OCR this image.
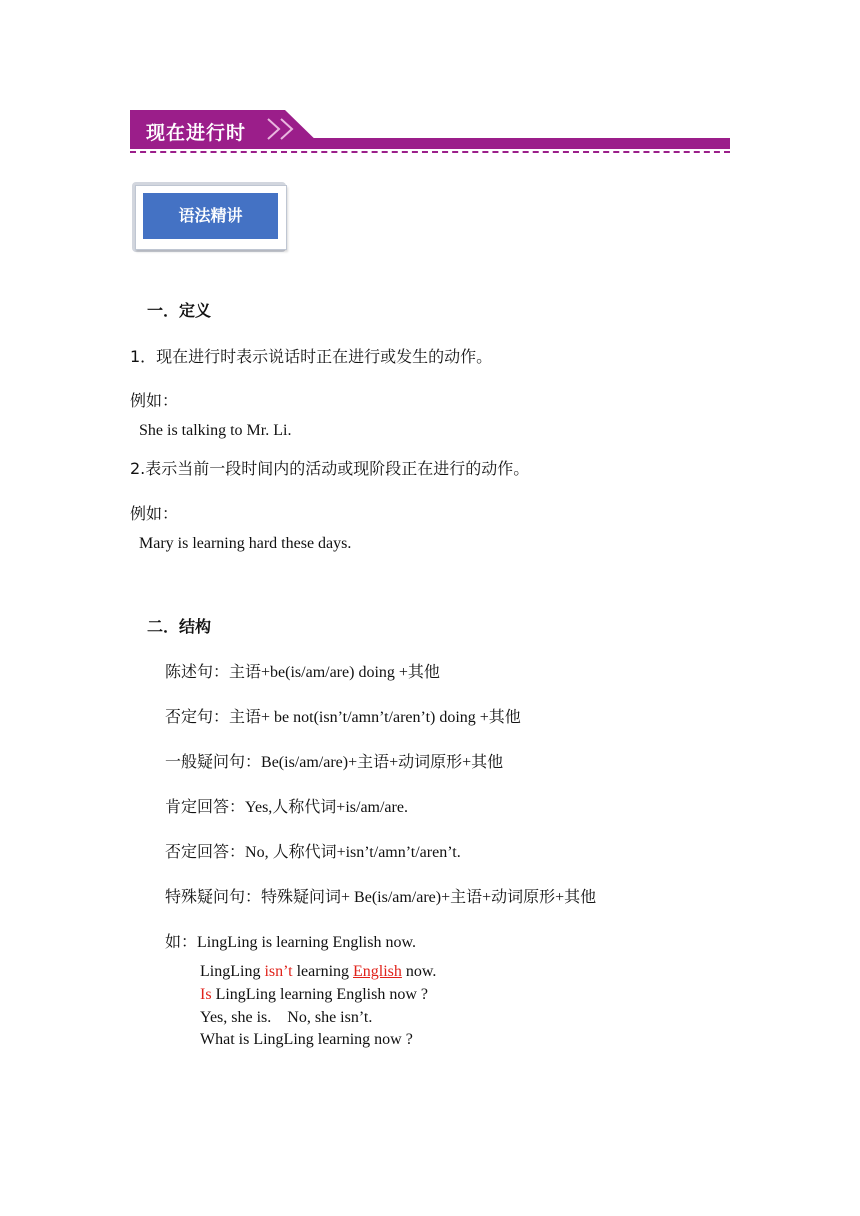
现在进行时
语法精讲
一．定义
1．现在进行时表示说话时正在进行或发生的动作。
例如：
She is talking to Mr. Li.
2.表示当前一段时间内的活动或现阶段正在进行的动作。
例如：
Mary is learning hard these days.
二．结构
陈述句：主语+be(is/am/are) doing +其他
否定句：主语+ be not(isn’t/amn’t/aren’t) doing +其他
一般疑问句：Be(is/am/are)+主语+动词原形+其他
肯定回答：Yes,人称代词+is/am/are.
否定回答：No, 人称代词+isn’t/amn’t/aren’t.
特殊疑问句：特殊疑问词+ Be(is/am/are)+主语+动词原形+其他
如：LingLing is learning English now.
LingLing isn’t learning English now.
Is LingLing learning English now ?
Yes, she is.    No, she isn’t.
What is LingLing learning now ?
